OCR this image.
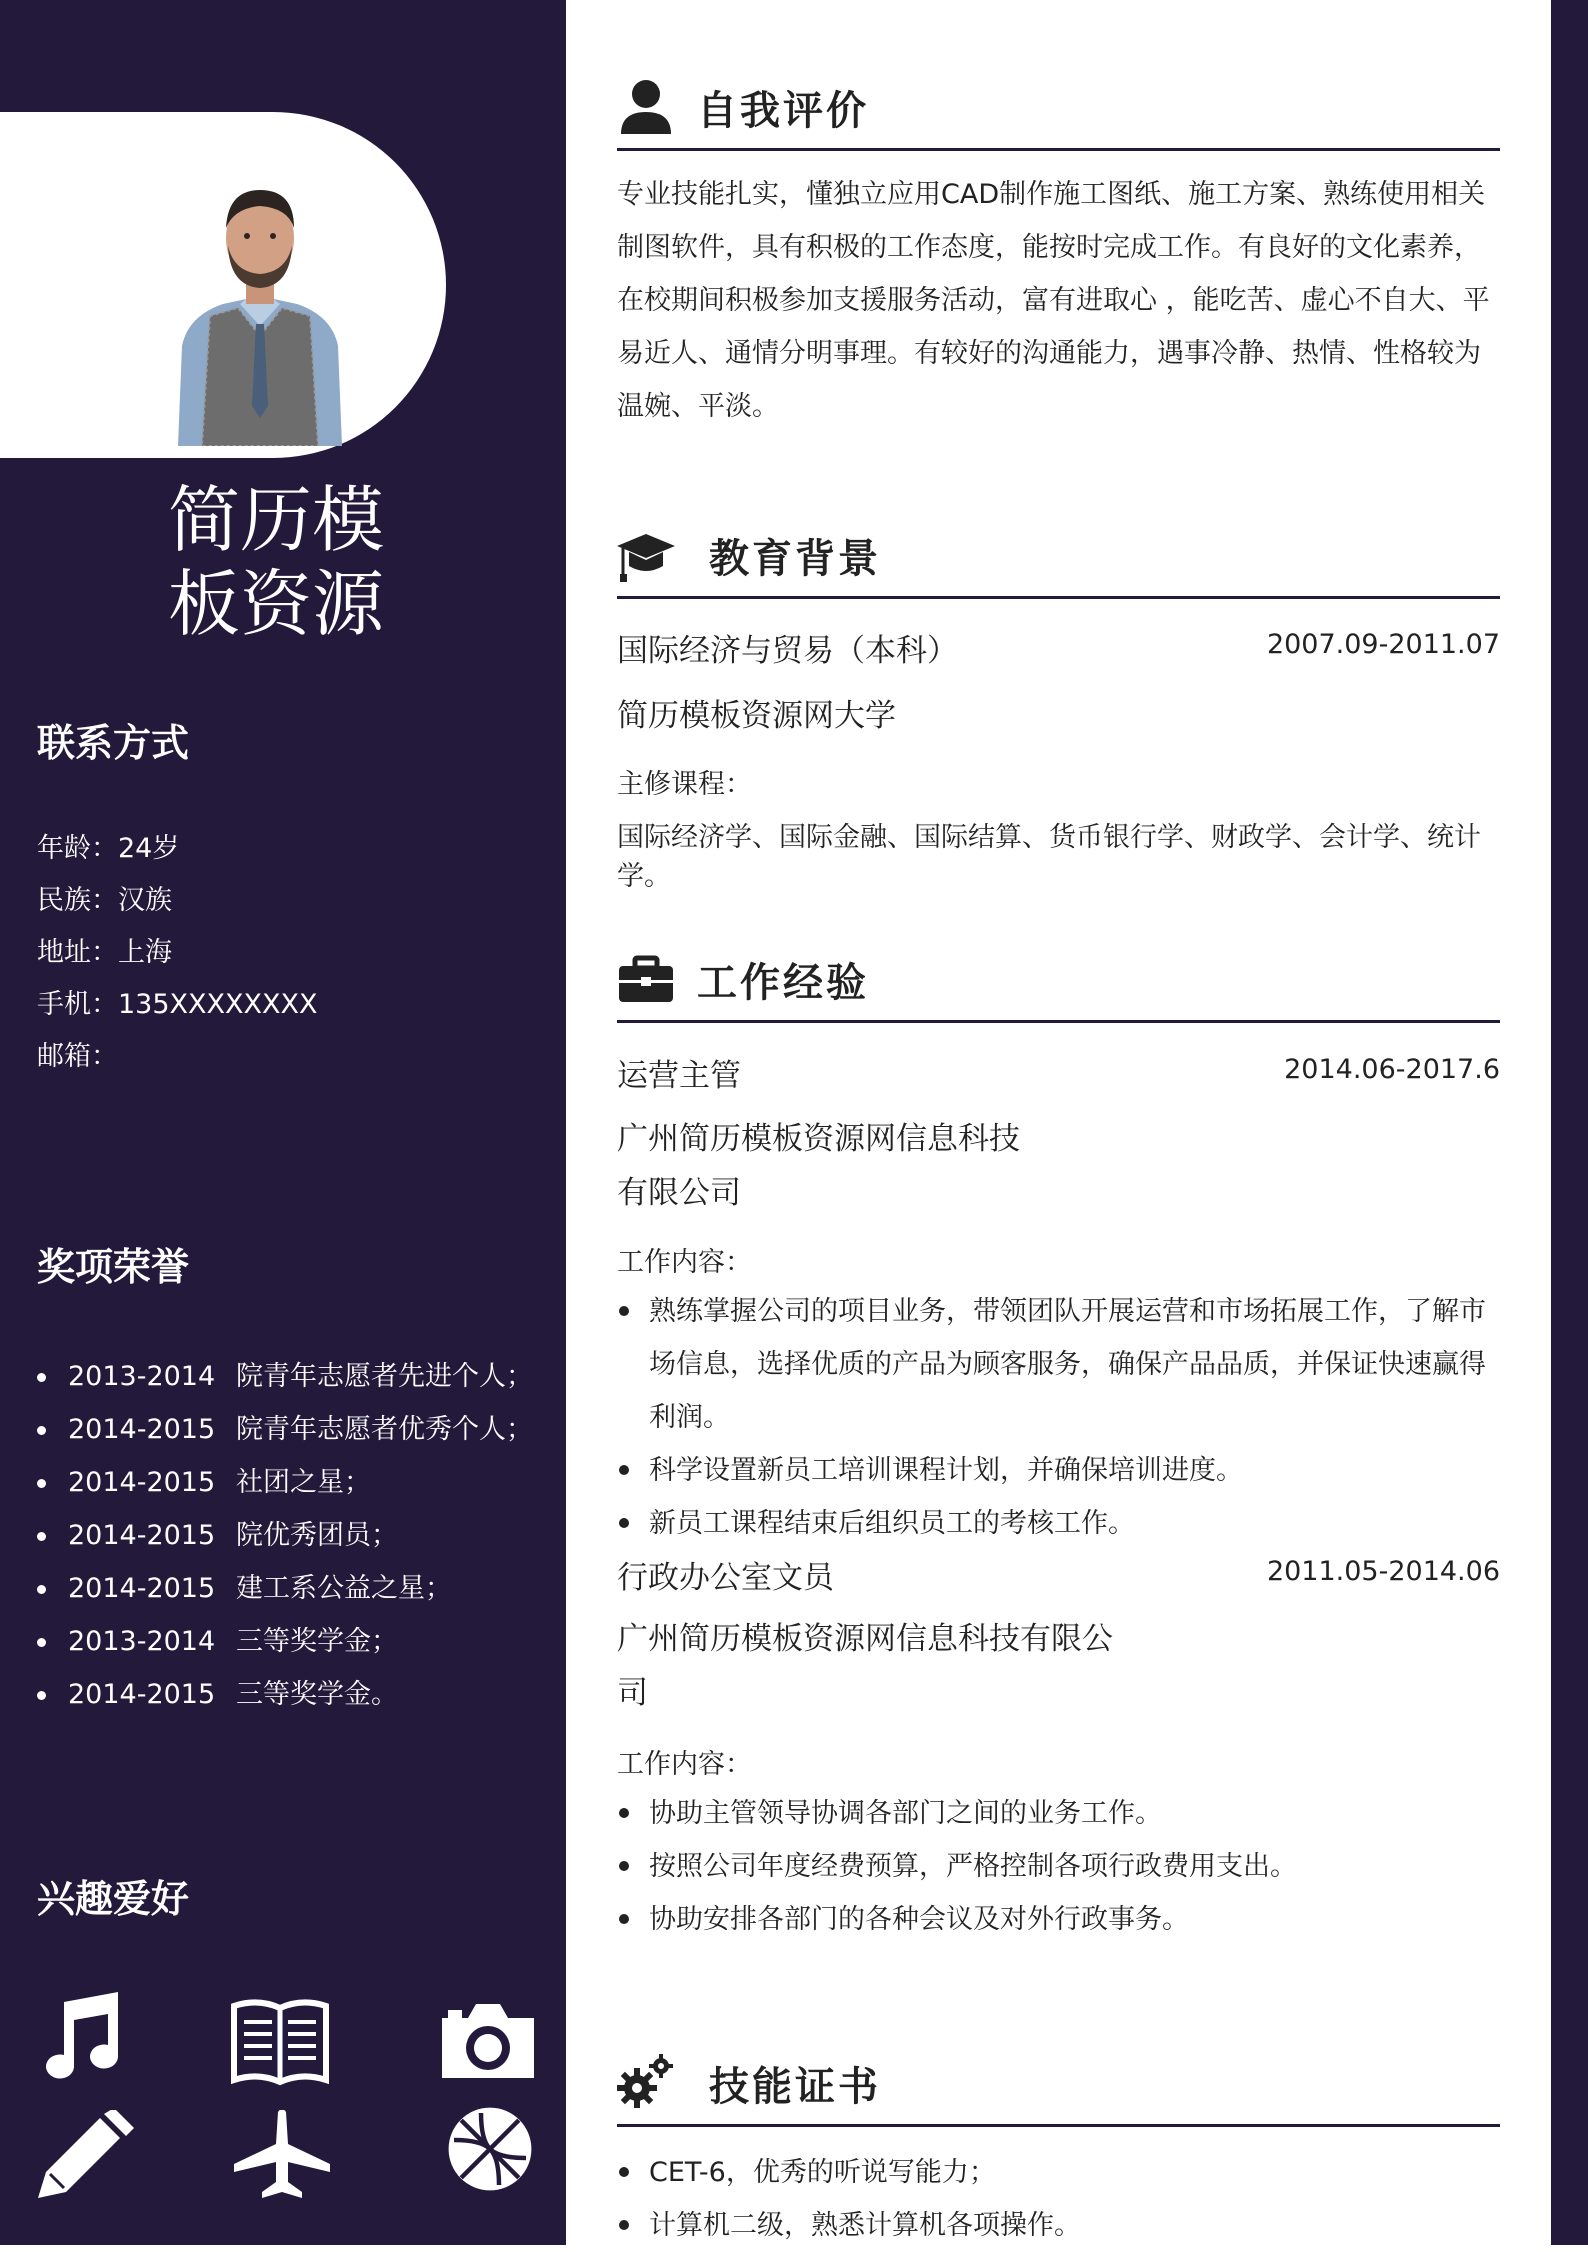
简历模板资源
联系方式
年龄：24岁
民族：汉族
地址：上海
手机：135XXXXXXXX
邮箱：
奖项荣誉
2013-2014 院青年志愿者先进个人；
2014-2015 院青年志愿者优秀个人；
2014-2015 社团之星；
2014-2015 院优秀团员；
2014-2015 建工系公益之星；
2013-2014 三等奖学金；
2014-2015 三等奖学金。
兴趣爱好
自我评价
专业技能扎实，懂独立应用CAD制作施工图纸、施工方案、熟练使用相关制图软件，具有积极的工作态度，能按时完成工作。有良好的文化素养，在校期间积极参加支援服务活动，富有进取心 ，能吃苦、虚心不自大、平易近人、通情分明事理。有较好的沟通能力，遇事冷静、热情、性格较为温婉、平淡。
教育背景
国际经济与贸易（本科）	2007.09-2011.07
简历模板资源网大学
主修课程：
国际经济学、国际金融、国际结算、货币银行学、财政学、会计学、统计学。
工作经验
运营主管	2014.06-2017.6
广州简历模板资源网信息科技有限公司
工作内容：
熟练掌握公司的项目业务，带领团队开展运营和市场拓展工作，了解市场信息，选择优质的产品为顾客服务，确保产品品质，并保证快速赢得利润。
科学设置新员工培训课程计划，并确保培训进度。
新员工课程结束后组织员工的考核工作。
行政办公室文员	2011.05-2014.06
广州简历模板资源网信息科技有限公司
工作内容：
协助主管领导协调各部门之间的业务工作。
按照公司年度经费预算，严格控制各项行政费用支出。
协助安排各部门的各种会议及对外行政事务。
技能证书
CET-6，优秀的听说写能力；
计算机二级，熟悉计算机各项操作。
